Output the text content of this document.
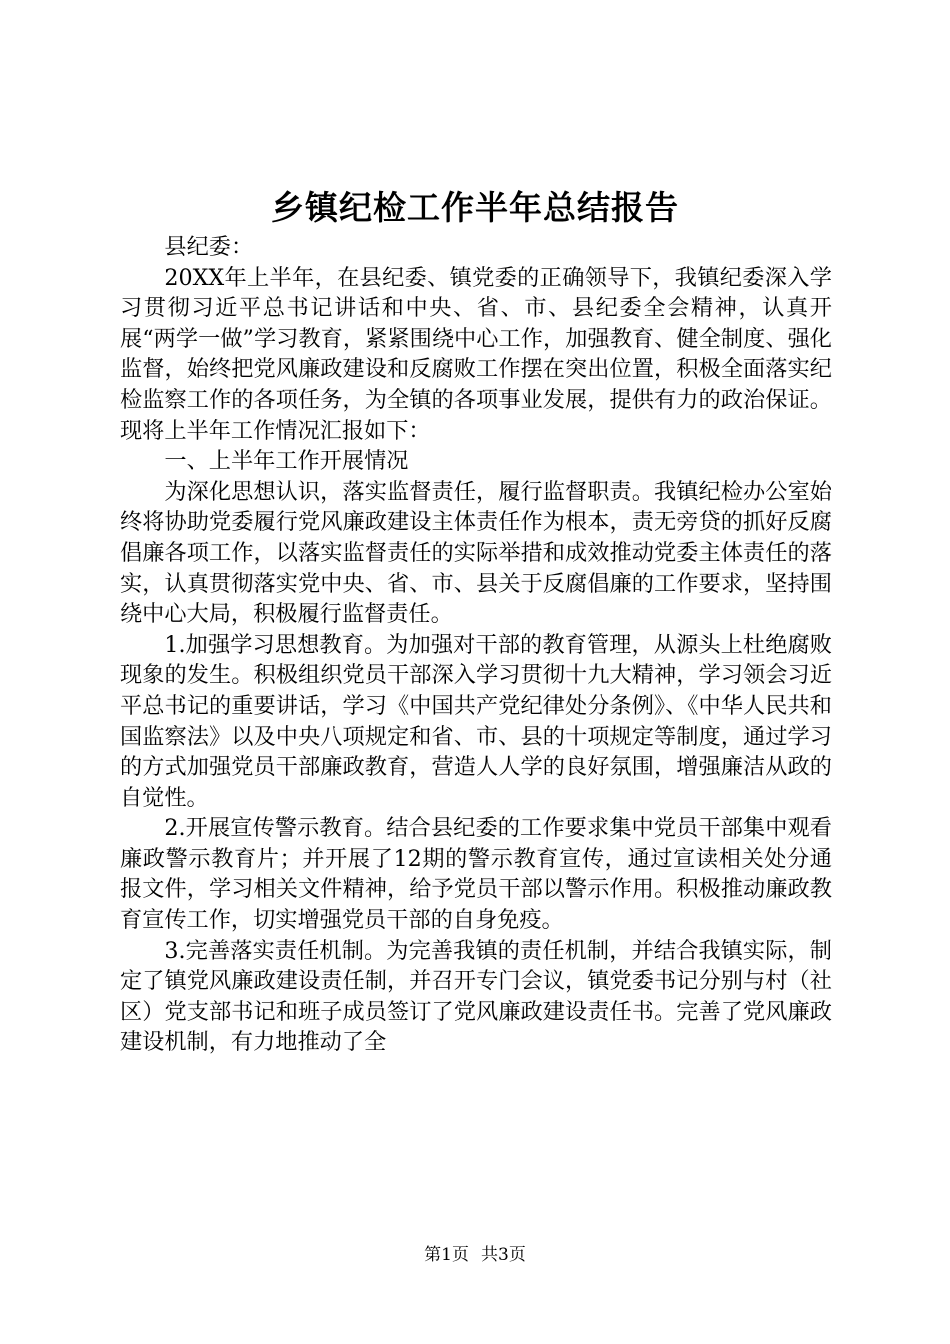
乡镇纪检工作半年总结报告

县纪委：

20XX年上半年，在县纪委、镇党委的正确领导下，我镇纪委深入学习贯彻习近平总书记讲话和中央、省、市、县纪委全会精神，认真开展“两学一做”学习教育，紧紧围绕中心工作，加强教育、健全制度、强化监督，始终把党风廉政建设和反腐败工作摆在突出位置，积极全面落实纪检监察工作的各项任务，为全镇的各项事业发展，提供有力的政治保证。现将上半年工作情况汇报如下：

一、上半年工作开展情况

为深化思想认识，落实监督责任，履行监督职责。我镇纪检办公室始终将协助党委履行党风廉政建设主体责任作为根本，责无旁贷的抓好反腐倡廉各项工作，以落实监督责任的实际举措和成效推动党委主体责任的落实，认真贯彻落实党中央、省、市、县关于反腐倡廉的工作要求，坚持围绕中心大局，积极履行监督责任。

1.加强学习思想教育。为加强对干部的教育管理，从源头上杜绝腐败现象的发生。积极组织党员干部深入学习贯彻十九大精神，学习领会习近平总书记的重要讲话，学习《中国共产党纪律处分条例》、《中华人民共和国监察法》以及中央八项规定和省、市、县的十项规定等制度，通过学习的方式加强党员干部廉政教育，营造人人学的良好氛围，增强廉洁从政的自觉性。

2.开展宣传警示教育。结合县纪委的工作要求集中党员干部集中观看廉政警示教育片；并开展了12期的警示教育宣传，通过宣读相关处分通报文件，学习相关文件精神，给予党员干部以警示作用。积极推动廉政教育宣传工作，切实增强党员干部的自身免疫。

3.完善落实责任机制。为完善我镇的责任机制，并结合我镇实际，制定了镇党风廉政建设责任制，并召开专门会议，镇党委书记分别与村（社区）党支部书记和班子成员签订了党风廉政建设责任书。完善了党风廉政建设机制，有力地推动了全

第1页 共3页
